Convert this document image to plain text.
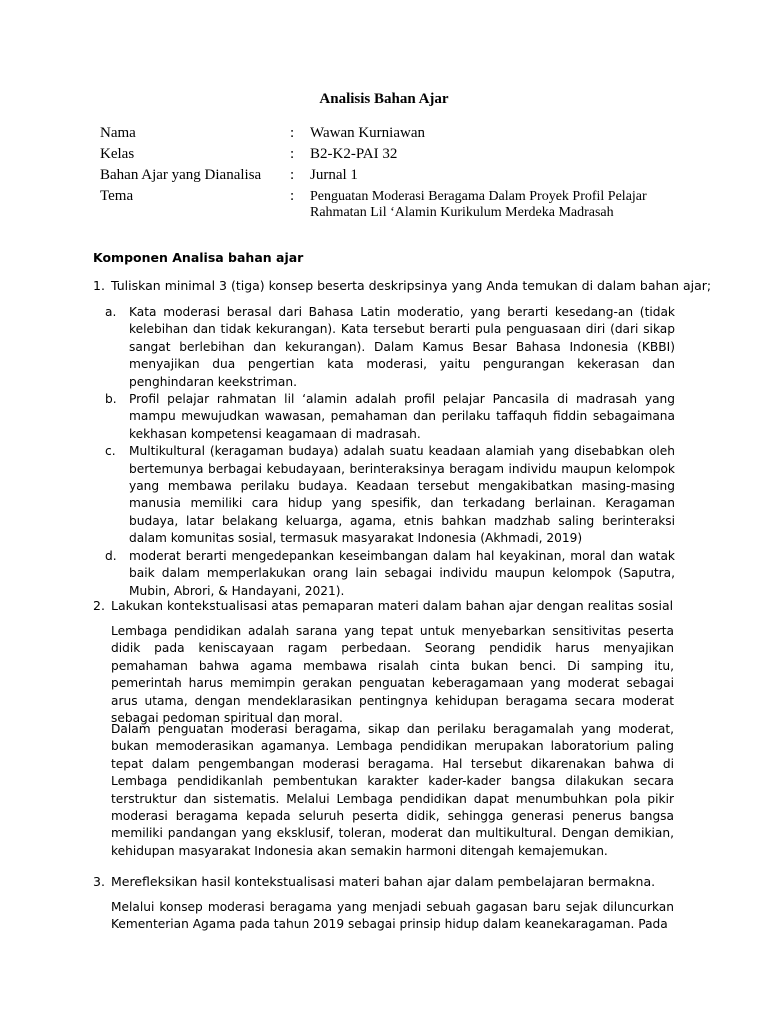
Analisis Bahan Ajar
Nama	:	Wawan Kurniawan
Kelas	:	B2-K2-PAI 32
Bahan Ajar yang Dianalisa	:	Jurnal 1
Tema	:	Penguatan Moderasi Beragama Dalam Proyek Profil Pelajar Rahmatan Lil ‘Alamin Kurikulum Merdeka Madrasah
Komponen Analisa bahan ajar
1. Tuliskan minimal 3 (tiga) konsep beserta deskripsinya yang Anda temukan di dalam bahan ajar;
a.	Kata moderasi berasal dari Bahasa Latin moderatio, yang berarti kesedang-an (tidak kelebihan dan tidak kekurangan). Kata tersebut berarti pula penguasaan diri (dari sikap sangat berlebihan dan kekurangan). Dalam Kamus Besar Bahasa Indonesia (KBBI) menyajikan dua pengertian kata moderasi, yaitu pengurangan kekerasan dan penghindaran keekstriman.
b.	Profil pelajar rahmatan lil ‘alamin adalah profil pelajar Pancasila di madrasah yang mampu mewujudkan wawasan, pemahaman dan perilaku taffaquh fiddin sebagaimana kekhasan kompetensi keagamaan di madrasah.
c.	Multikultural (keragaman budaya) adalah suatu keadaan alamiah yang disebabkan oleh bertemunya berbagai kebudayaan, berinteraksinya beragam individu maupun kelompok yang membawa perilaku budaya. Keadaan tersebut mengakibatkan masing-masing manusia memiliki cara hidup yang spesifik, dan terkadang berlainan. Keragaman budaya, latar belakang keluarga, agama, etnis bahkan madzhab saling berinteraksi dalam komunitas sosial, termasuk masyarakat Indonesia (Akhmadi, 2019)
d.	moderat berarti mengedepankan keseimbangan dalam hal keyakinan, moral dan watak baik dalam memperlakukan orang lain sebagai individu maupun kelompok (Saputra, Mubin, Abrori, & Handayani, 2021).
2. Lakukan kontekstualisasi atas pemaparan materi dalam bahan ajar dengan realitas sosial
Lembaga pendidikan adalah sarana yang tepat untuk menyebarkan sensitivitas peserta didik pada keniscayaan ragam perbedaan. Seorang pendidik harus menyajikan pemahaman bahwa agama membawa risalah cinta bukan benci. Di samping itu, pemerintah harus memimpin gerakan penguatan keberagamaan yang moderat sebagai arus utama, dengan mendeklarasikan pentingnya kehidupan beragama secara moderat sebagai pedoman spiritual dan moral.
Dalam penguatan moderasi beragama, sikap dan perilaku beragamalah yang moderat, bukan memoderasikan agamanya. Lembaga pendidikan merupakan laboratorium paling tepat dalam pengembangan moderasi beragama. Hal tersebut dikarenakan bahwa di Lembaga pendidikanlah pembentukan karakter kader-kader bangsa dilakukan secara terstruktur dan sistematis. Melalui Lembaga pendidikan dapat menumbuhkan pola pikir moderasi beragama kepada seluruh peserta didik, sehingga generasi penerus bangsa memiliki pandangan yang eksklusif, toleran, moderat dan multikultural. Dengan demikian, kehidupan masyarakat Indonesia akan semakin harmoni ditengah kemajemukan.
3. Merefleksikan hasil kontekstualisasi materi bahan ajar dalam pembelajaran bermakna.
Melalui konsep moderasi beragama yang menjadi sebuah gagasan baru sejak diluncurkan Kementerian Agama pada tahun 2019 sebagai prinsip hidup dalam keanekaragaman. Pada
